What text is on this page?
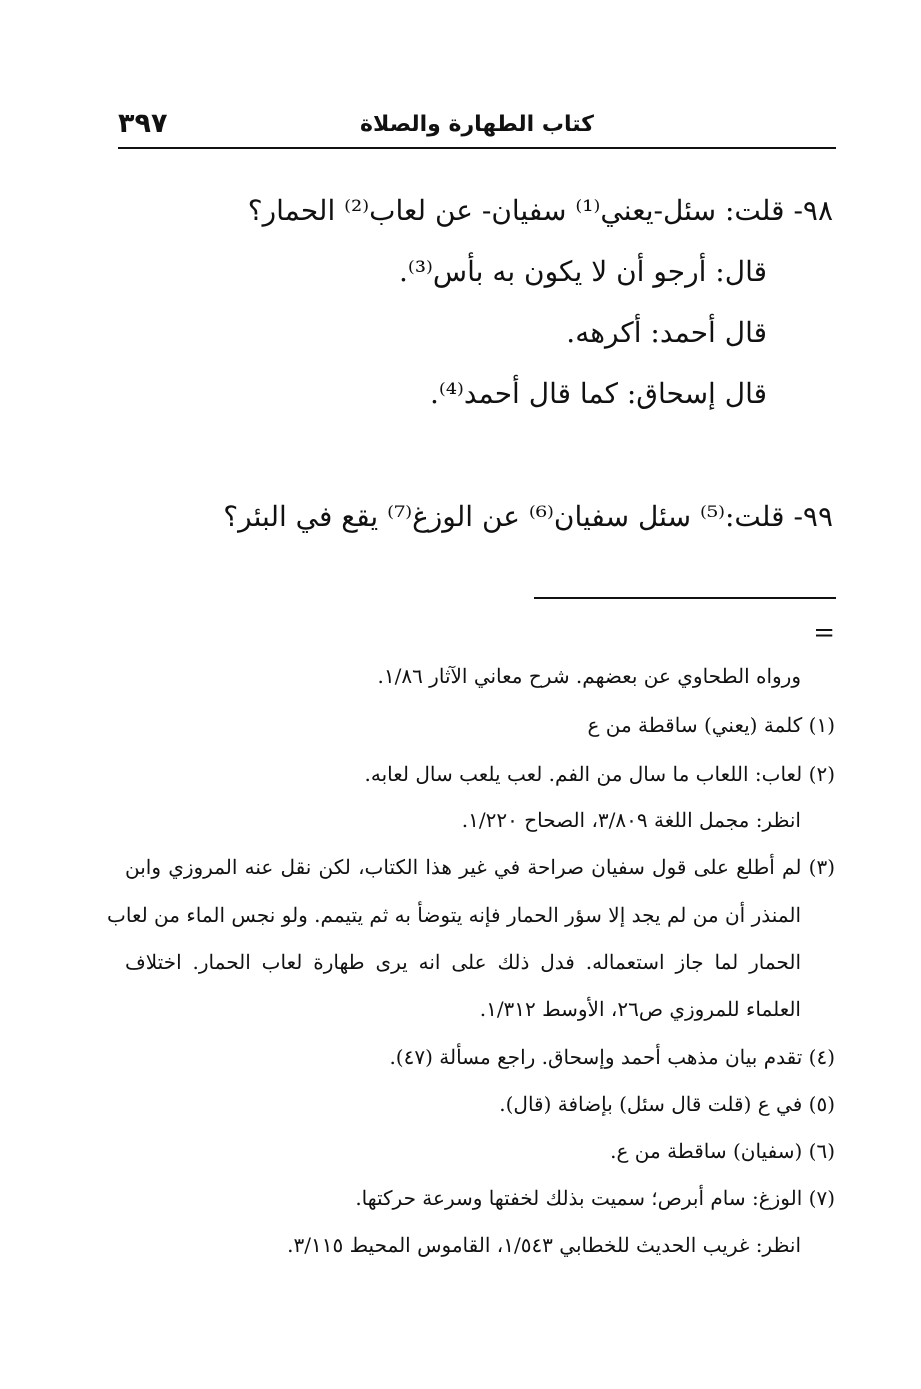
كتاب الطهارة والصلاة
٣٩٧
٩٨- قلت: سئل-يعني⁽¹⁾ سفيان- عن لعاب⁽²⁾ الحمار؟
قال: أرجو أن لا يكون به بأس⁽³⁾.
قال أحمد: أكرهه.
قال إسحاق: كما قال أحمد⁽⁴⁾.
٩٩- قلت:⁽⁵⁾ سئل سفيان⁽⁶⁾ عن الوزغ⁽⁷⁾ يقع في البئر؟
=
ورواه الطحاوي عن بعضهم. شرح معاني الآثار ١/٨٦.
(١) كلمة (يعني) ساقطة من ع
(٢) لعاب: اللعاب ما سال من الفم. لعب يلعب سال لعابه.
انظر: مجمل اللغة ٣/٨٠٩، الصحاح ١/٢٢٠.
(٣) لم أطلع على قول سفيان صراحة في غير هذا الكتاب، لكن نقل عنه المروزي وابن
المنذر أن من لم يجد إلا سؤر الحمار فإنه يتوضأ به ثم يتيمم. ولو نجس الماء من لعاب
الحمار لما جاز استعماله. فدل ذلك على انه يرى طهارة لعاب الحمار. اختلاف
العلماء للمروزي ص٢٦، الأوسط ١/٣١٢.
(٤) تقدم بيان مذهب أحمد وإسحاق. راجع مسألة (٤٧).
(٥) في ع (قلت قال سئل) بإضافة (قال).
(٦) (سفيان) ساقطة من ع.
(٧) الوزغ: سام أبرص؛ سميت بذلك لخفتها وسرعة حركتها.
انظر: غريب الحديث للخطابي ١/٥٤٣، القاموس المحيط ٣/١١٥.
